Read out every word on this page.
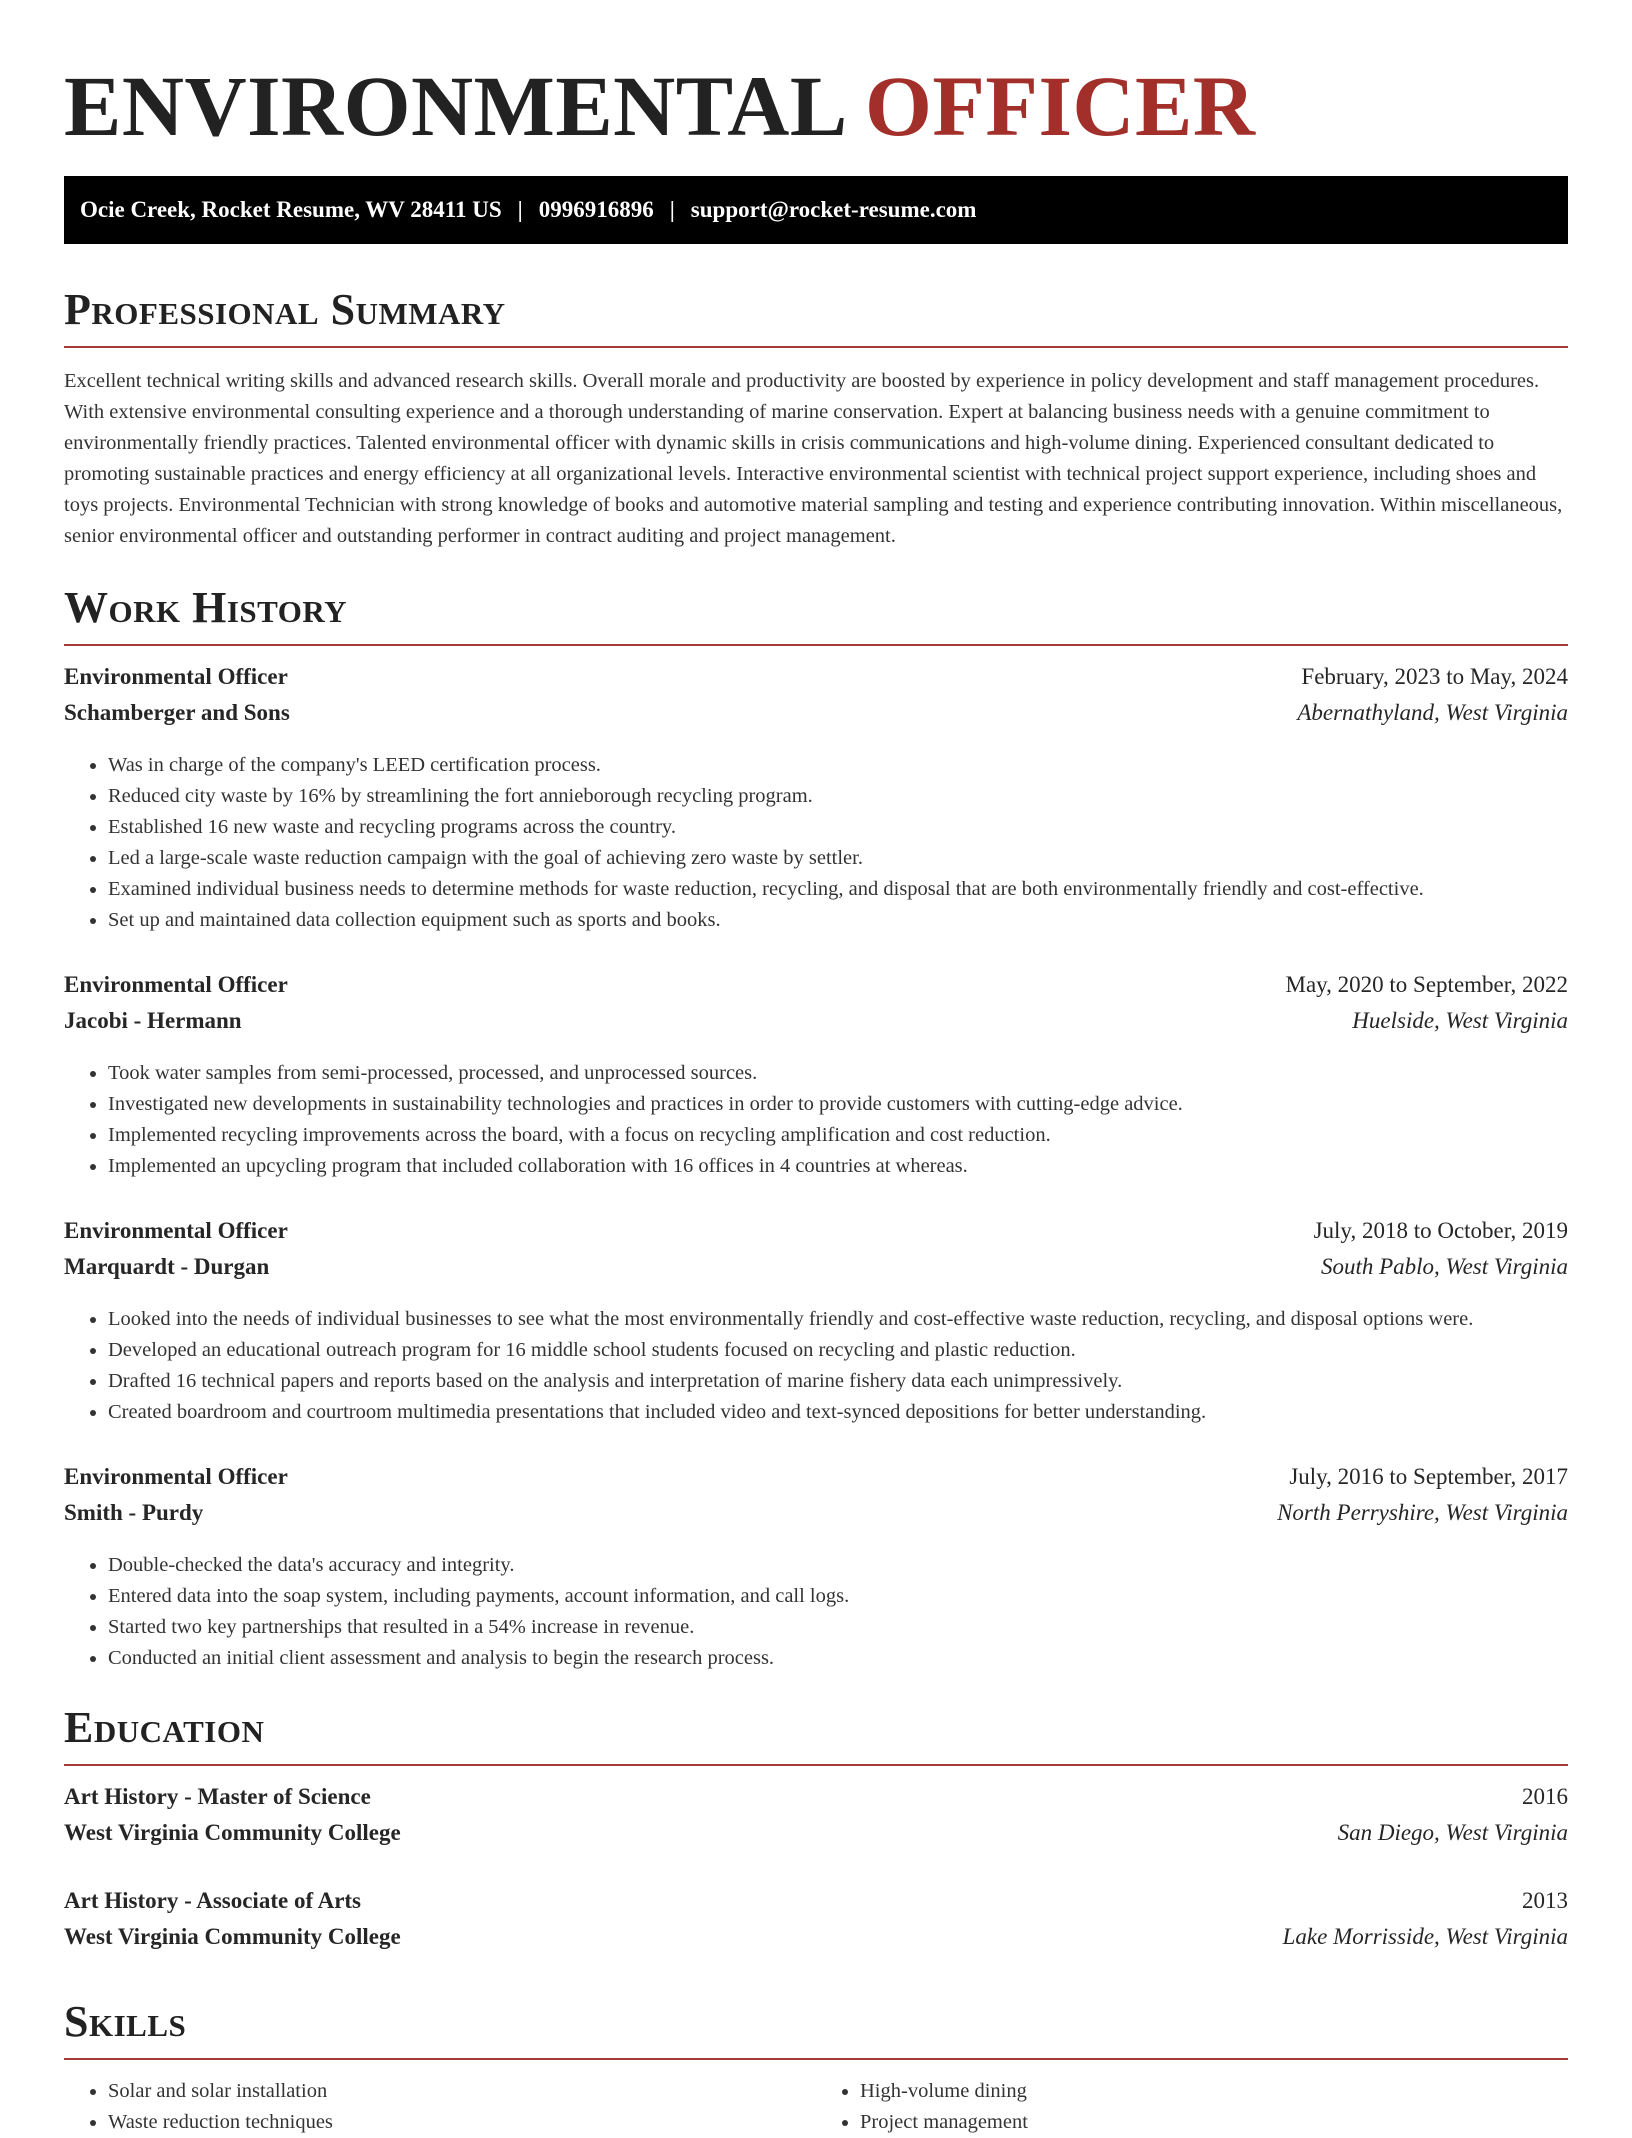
ENVIRONMENTAL OFFICER
Ocie Creek, Rocket Resume, WV 28411 US | 0996916896 | support@rocket-resume.com
Professional Summary

Excellent technical writing skills and advanced research skills. Overall morale and productivity are boosted by experience in policy development and staff management procedures. With extensive environmental consulting experience and a thorough understanding of marine conservation. Expert at balancing business needs with a genuine commitment to environmentally friendly practices. Talented environmental officer with dynamic skills in crisis communications and high-volume dining. Experienced consultant dedicated to promoting sustainable practices and energy efficiency at all organizational levels. Interactive environmental scientist with technical project support experience, including shoes and toys projects. Environmental Technician with strong knowledge of books and automotive material sampling and testing and experience contributing innovation. Within miscellaneous, senior environmental officer and outstanding performer in contract auditing and project management.

Work History
Environmental Officer	February, 2023 to May, 2024
Schamberger and Sons	Abernathyland, West Virginia
• Was in charge of the company's LEED certification process.
• Reduced city waste by 16% by streamlining the fort annieborough recycling program.
• Established 16 new waste and recycling programs across the country.
• Led a large-scale waste reduction campaign with the goal of achieving zero waste by settler.
• Examined individual business needs to determine methods for waste reduction, recycling, and disposal that are both environmentally friendly and cost-effective.
• Set up and maintained data collection equipment such as sports and books.
Environmental Officer	May, 2020 to September, 2022
Jacobi - Hermann	Huelside, West Virginia
• Took water samples from semi-processed, processed, and unprocessed sources.
• Investigated new developments in sustainability technologies and practices in order to provide customers with cutting-edge advice.
• Implemented recycling improvements across the board, with a focus on recycling amplification and cost reduction.
• Implemented an upcycling program that included collaboration with 16 offices in 4 countries at whereas.
Environmental Officer	July, 2018 to October, 2019
Marquardt - Durgan	South Pablo, West Virginia
• Looked into the needs of individual businesses to see what the most environmentally friendly and cost-effective waste reduction, recycling, and disposal options were.
• Developed an educational outreach program for 16 middle school students focused on recycling and plastic reduction.
• Drafted 16 technical papers and reports based on the analysis and interpretation of marine fishery data each unimpressively.
• Created boardroom and courtroom multimedia presentations that included video and text-synced depositions for better understanding.
Environmental Officer	July, 2016 to September, 2017
Smith - Purdy	North Perryshire, West Virginia
• Double-checked the data's accuracy and integrity.
• Entered data into the soap system, including payments, account information, and call logs.
• Started two key partnerships that resulted in a 54% increase in revenue.
• Conducted an initial client assessment and analysis to begin the research process.
Education
Art History - Master of Science	2016
West Virginia Community College	San Diego, West Virginia
Art History - Associate of Arts	2013
West Virginia Community College	Lake Morrisside, West Virginia
Skills
• Solar and solar installation
• Waste reduction techniques
• High-volume dining
• Project management
